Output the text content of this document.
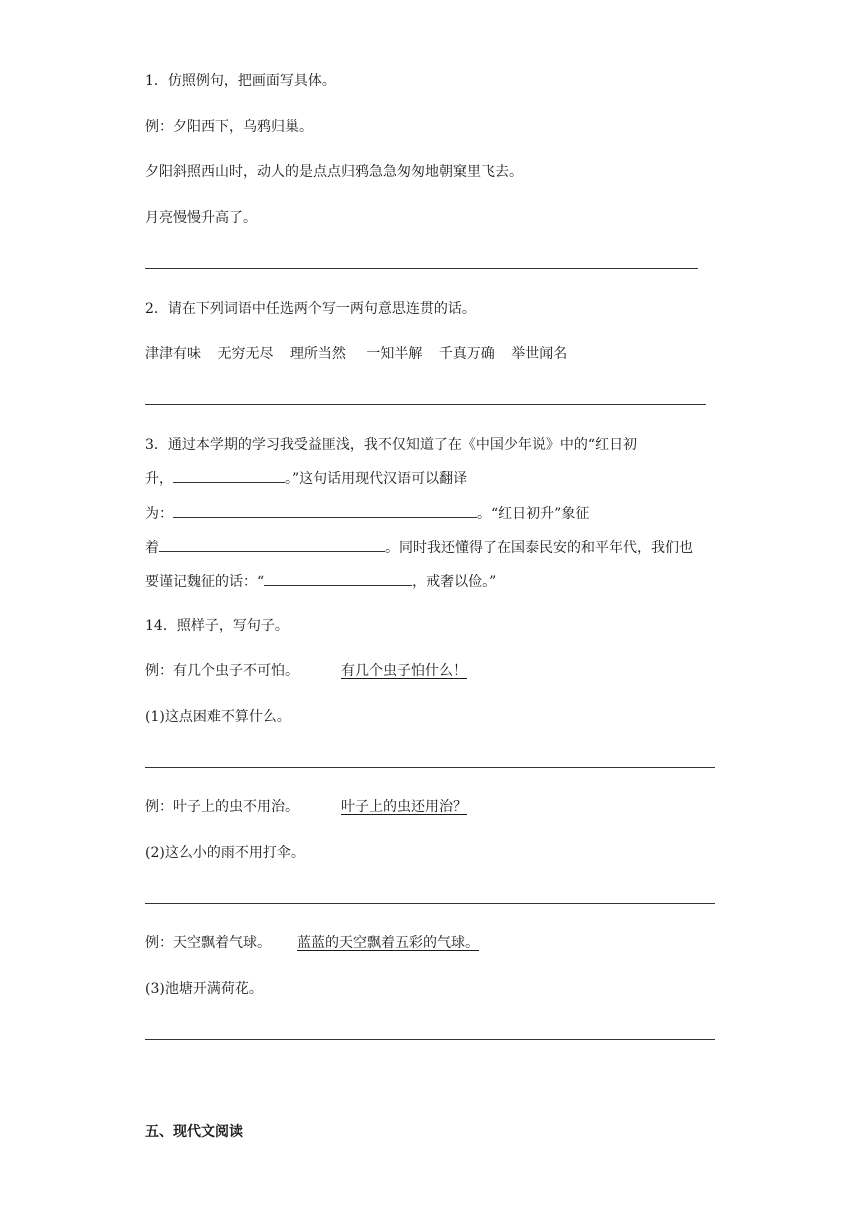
1．仿照例句，把画面写具体。
例：夕阳西下，乌鸦归巢。
夕阳斜照西山时，动人的是点点归鸦急急匆匆地朝窠里飞去。
月亮慢慢升高了。
2．请在下列词语中任选两个写一两句意思连贯的话。
津津有味 无穷无尽 理所当然 一知半解 千真万确 举世闻名
3．通过本学期的学习我受益匪浅，我不仅知道了在《中国少年说》中的“红日初
升，	。”这句话用现代汉语可以翻译
为：	。“红日初升”象征
着	。同时我还懂得了在国泰民安的和平年代，我们也
要谨记魏征的话：“	，戒奢以俭。”
14．照样子，写句子。
例：有几个虫子不可怕。	有几个虫子怕什么！
(1)这点困难不算什么。
例：叶子上的虫不用治。	叶子上的虫还用治？
(2)这么小的雨不用打伞。
例：天空飘着气球。 蓝蓝的天空飘着五彩的气球。
(3)池塘开满荷花。
五、现代文阅读
